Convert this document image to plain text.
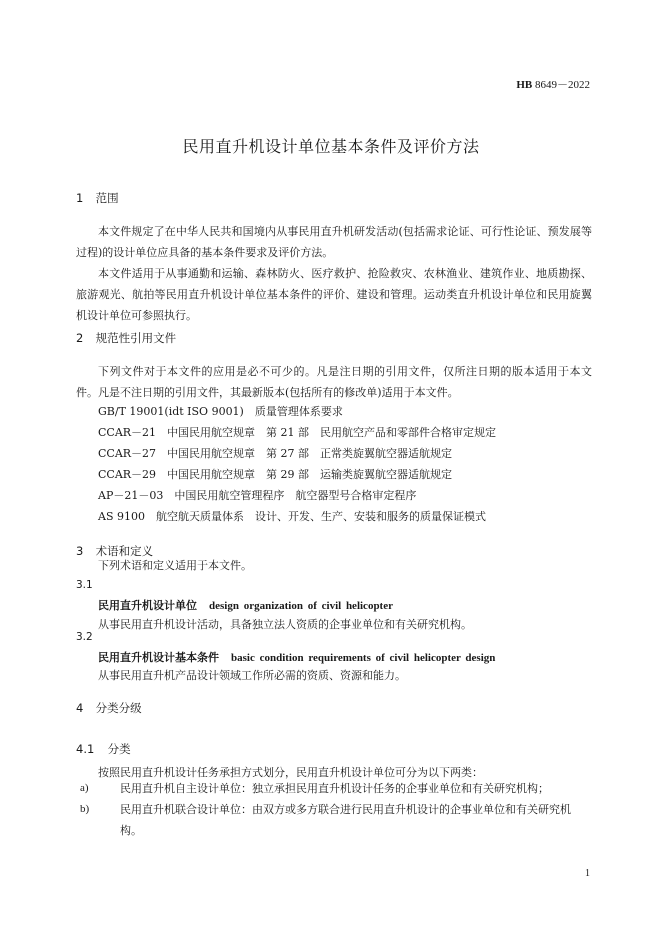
HB 8649－2022
民用直升机设计单位基本条件及评价方法
1 范围
本文件规定了在中华人民共和国境内从事民用直升机研发活动(包括需求论证、可行性论证、预发展等过程)的设计单位应具备的基本条件要求及评价方法。
本文件适用于从事通勤和运输、森林防火、医疗救护、抢险救灾、农林渔业、建筑作业、地质勘探、旅游观光、航拍等民用直升机设计单位基本条件的评价、建设和管理。运动类直升机设计单位和民用旋翼机设计单位可参照执行。
2 规范性引用文件
下列文件对于本文件的应用是必不可少的。凡是注日期的引用文件，仅所注日期的版本适用于本文件。凡是不注日期的引用文件，其最新版本(包括所有的修改单)适用于本文件。
GB/T 19001(idt ISO 9001)　 质量管理体系要求
CCAR－21　 中国民用航空规章　第 21 部　民用航空产品和零部件合格审定规定
CCAR－27　 中国民用航空规章　第 27 部　正常类旋翼航空器适航规定
CCAR－29　 中国民用航空规章　第 29 部　运输类旋翼航空器适航规定
AP－21－03　 中国民用航空管理程序　航空器型号合格审定程序
AS 9100　 航空航天质量体系　设计、开发、生产、安装和服务的质量保证模式
3 术语和定义
下列术语和定义适用于本文件。
3.1
民用直升机设计单位 design organization of civil helicopter
从事民用直升机设计活动，具备独立法人资质的企事业单位和有关研究机构。
3.2
民用直升机设计基本条件 basic condition requirements of civil helicopter design
从事民用直升机产品设计领域工作所必需的资质、资源和能力。
4 分类分级
4.1 分类
按照民用直升机设计任务承担方式划分，民用直升机设计单位可分为以下两类：
a)	民用直升机自主设计单位：独立承担民用直升机设计任务的企事业单位和有关研究机构；
b)	民用直升机联合设计单位：由双方或多方联合进行民用直升机设计的企事业单位和有关研究机构。
1
